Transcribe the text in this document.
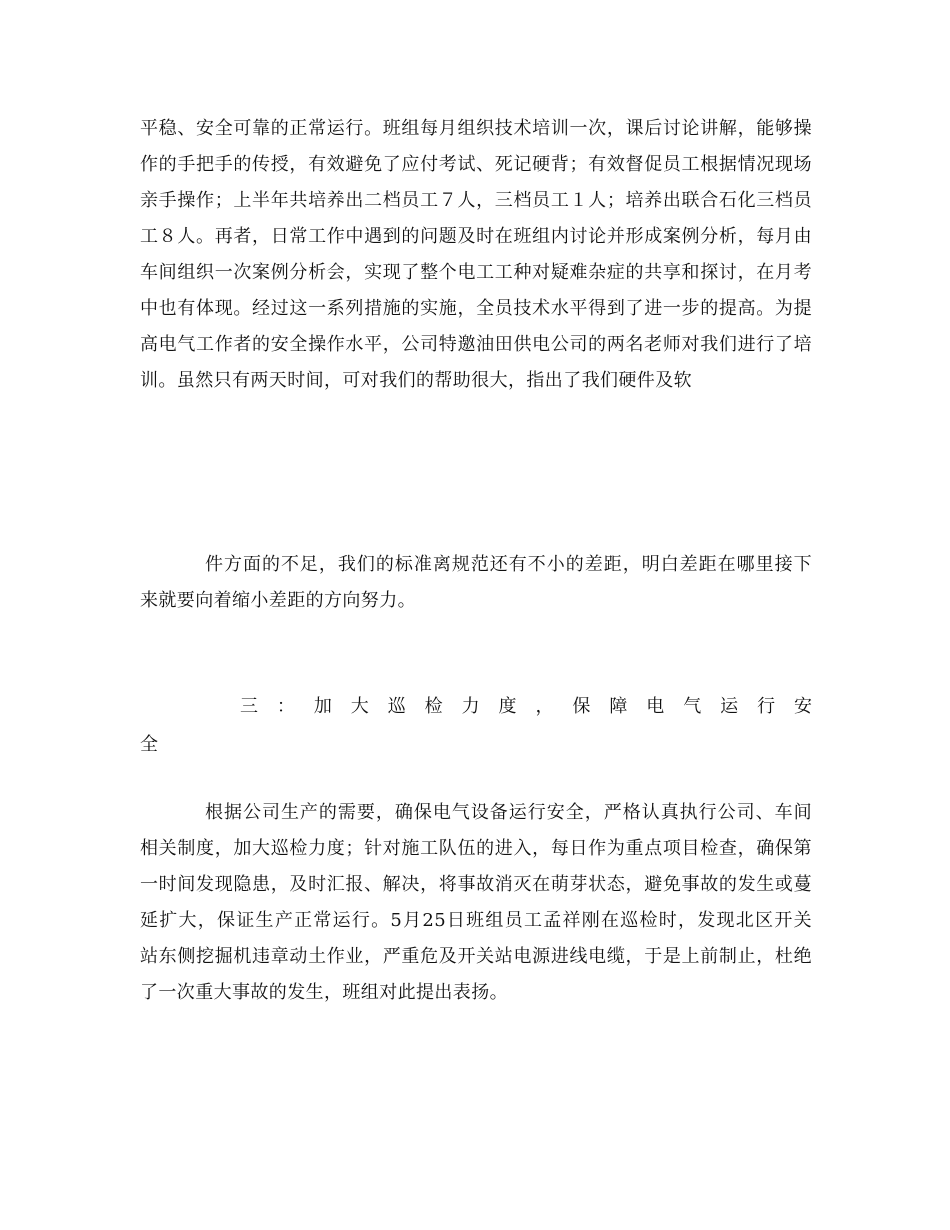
平稳、安全可靠的正常运行。班组每月组织技术培训一次，课后讨论讲解，能够操
作的手把手的传授，有效避免了应付考试、死记硬背；有效督促员工根据情况现场
亲手操作；上半年共培养出二档员工７人，三档员工１人；培养出联合石化三档员
工８人。再者，日常工作中遇到的问题及时在班组内讨论并形成案例分析，每月由
车间组织一次案例分析会，实现了整个电工工种对疑难杂症的共享和探讨，在月考
中也有体现。经过这一系列措施的实施，全员技术水平得到了进一步的提高。为提
高电气工作者的安全操作水平，公司特邀油田供电公司的两名老师对我们进行了培
训。虽然只有两天时间，可对我们的帮助很大，指出了我们硬件及软
件方面的不足，我们的标准离规范还有不小的差距，明白差距在哪里接下
来就要向着缩小差距的方向努力。
三：加大巡检力度，保障电气运行安
全
根据公司生产的需要，确保电气设备运行安全，严格认真执行公司、车间
相关制度，加大巡检力度；针对施工队伍的进入，每日作为重点项目检查，确保第
一时间发现隐患，及时汇报、解决，将事故消灭在萌芽状态，避免事故的发生或蔓
延扩大，保证生产正常运行。5月25日班组员工孟祥刚在巡检时，发现北区开关
站东侧挖掘机违章动土作业，严重危及开关站电源进线电缆，于是上前制止，杜绝
了一次重大事故的发生，班组对此提出表扬。
